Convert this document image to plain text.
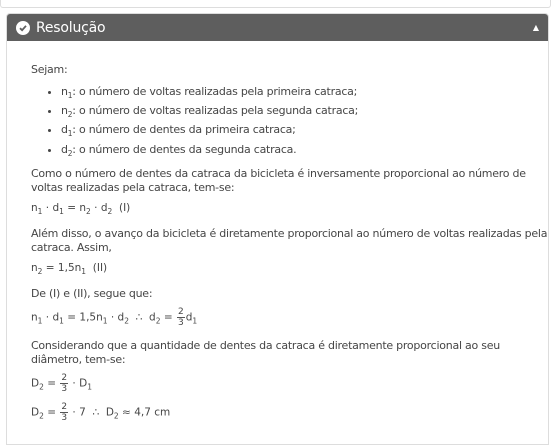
Resolução	▲

Sejam:

• $n_1$: o número de voltas realizadas pela primeira catraca;
• $n_2$: o número de voltas realizadas pela segunda catraca;
• $d_1$: o número de dentes da primeira catraca;
• $d_2$: o número de dentes da segunda catraca.

Como o número de dentes da catraca da bicicleta é inversamente proporcional ao número de voltas realizadas pela catraca, tem-se:

$n_1 \cdot d_1 = n_2 \cdot d_2$ (I)

Além disso, o avanço da bicicleta é diretamente proporcional ao número de voltas realizadas pela catraca. Assim,

$n_2 = 1,5n_1$ (II)

De (I) e (II), segue que:

$n_1 \cdot d_1 = 1,5n_1 \cdot d_2$  ∴  $d_2 = \frac{2}{3} d_1$

Considerando que a quantidade de dentes da catraca é diretamente proporcional ao seu diâmetro, tem-se:

$D_2 = \frac{2}{3} \cdot D_1$
$D_2 = \frac{2}{3} \cdot 7$  ∴  $D_2 \approx 4,7$ cm
